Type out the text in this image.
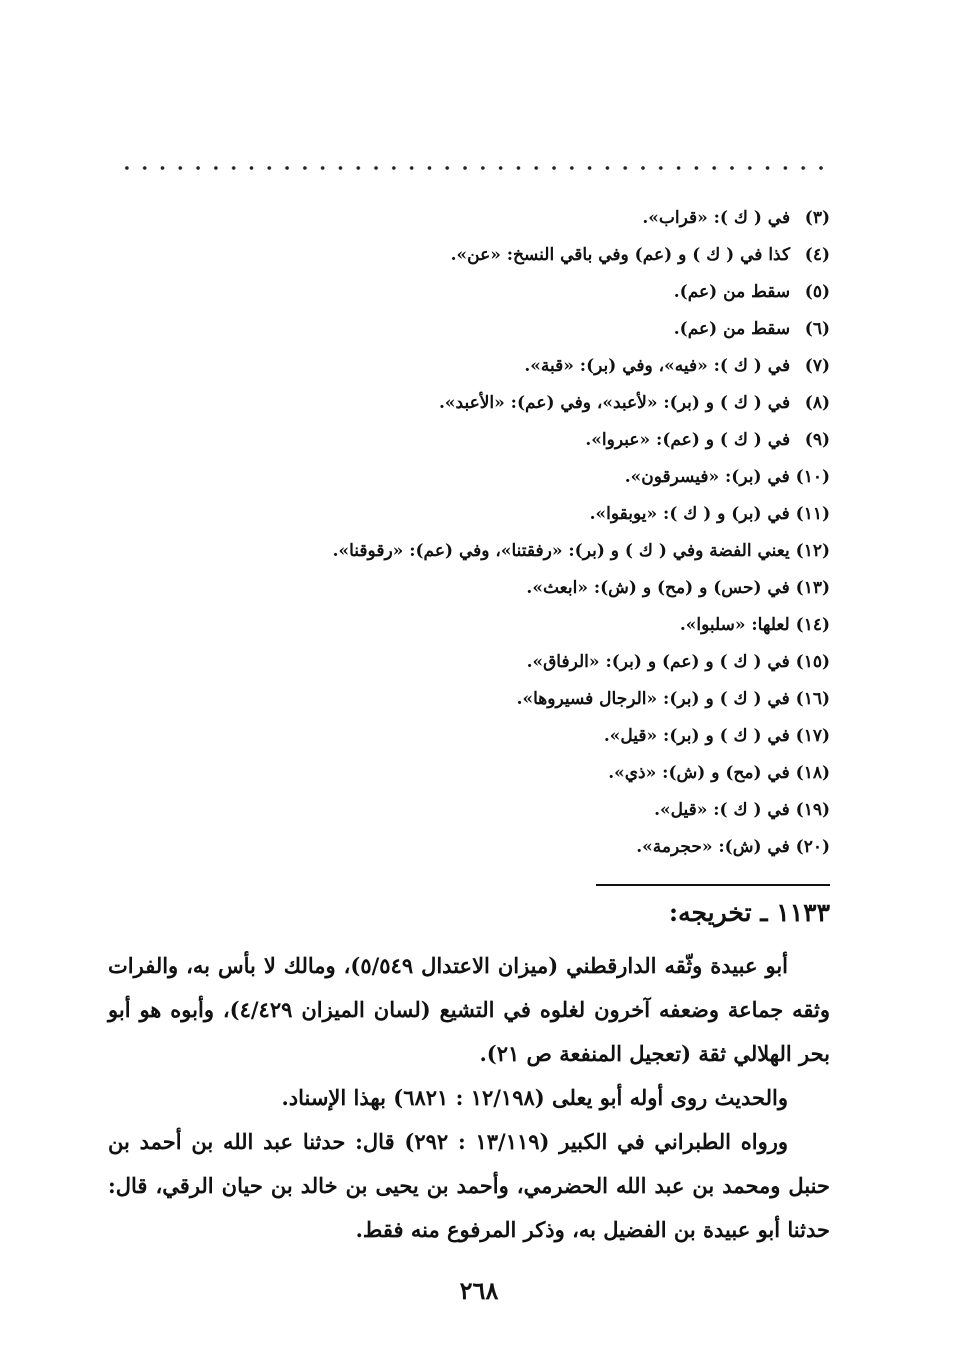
(٣) في ( ك ): «قراب».
(٤) كذا في ( ك ) و (عم) وفي باقي النسخ: «عن».
(٥) سقط من (عم).
(٦) سقط من (عم).
(٧) في ( ك ): «فيه»، وفي (بر): «قبة».
(٨) في ( ك ) و (بر): «لأعبد»، وفي (عم): «الأعبد».
(٩) في ( ك ) و (عم): «عبروا».
(١٠) في (بر): «فيسرقون».
(١١) في (بر) و ( ك ): «يوبقوا».
(١٢) يعني الفضة وفي ( ك ) و (بر): «رفقتنا»، وفي (عم): «رقوقنا».
(١٣) في (حس) و (مح) و (ش): «ابعث».
(١٤) لعلها: «سلبوا».
(١٥) في ( ك ) و (عم) و (بر): «الرفاق».
(١٦) في ( ك ) و (بر): «الرجال فسيروها».
(١٧) في ( ك ) و (بر): «قيل».
(١٨) في (مح) و (ش): «ذي».
(١٩) في ( ك ): «قيل».
(٢٠) في (ش): «حجرمة».
١١٣٣ ـ تخريجه:

أبو عبيدة وثّقه الدارقطني (ميزان الاعتدال ٥/٥٤٩)، ومالك لا بأس به، والفرات وثقه جماعة وضعفه آخرون لغلوه في التشيع (لسان الميزان ٤/٤٢٩)، وأبوه هو أبو بحر الهلالي ثقة (تعجيل المنفعة ص ٢١).

والحديث روى أوله أبو يعلى (١٢/١٩٨ : ٦٨٢١) بهذا الإسناد.

ورواه الطبراني في الكبير (١٣/١١٩ : ٢٩٢) قال: حدثنا عبد الله بن أحمد بن حنبل ومحمد بن عبد الله الحضرمي، وأحمد بن يحيى بن خالد بن حيان الرقي، قال: حدثنا أبو عبيدة بن الفضيل به، وذكر المرفوع منه فقط.

٢٦٨
